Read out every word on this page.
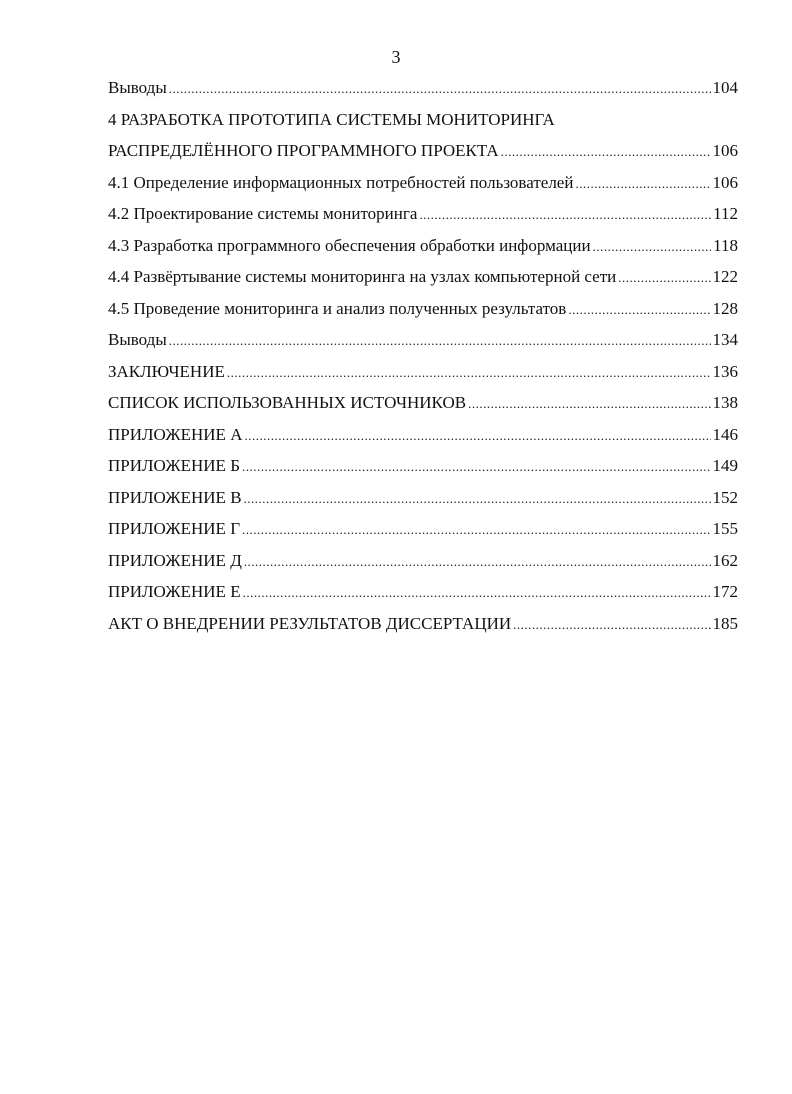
3
Выводы .....	104
4 РАЗРАБОТКА ПРОТОТИПА СИСТЕМЫ МОНИТОРИНГА
РАСПРЕДЕЛЁННОГО ПРОГРАММНОГО ПРОЕКТА .....	106
4.1 Определение информационных потребностей пользователей .....	106
4.2 Проектирование системы мониторинга .....	112
4.3 Разработка программного обеспечения обработки информации .....	118
4.4 Развёртывание системы мониторинга на узлах компьютерной сети .....	122
4.5 Проведение мониторинга и анализ полученных результатов .....	128
Выводы .....	134
ЗАКЛЮЧЕНИЕ .....	136
СПИСОК ИСПОЛЬЗОВАННЫХ ИСТОЧНИКОВ .....	138
ПРИЛОЖЕНИЕ А .....	146
ПРИЛОЖЕНИЕ Б .....	149
ПРИЛОЖЕНИЕ В .....	152
ПРИЛОЖЕНИЕ Г .....	155
ПРИЛОЖЕНИЕ Д .....	162
ПРИЛОЖЕНИЕ Е .....	172
АКТ О ВНЕДРЕНИИ РЕЗУЛЬТАТОВ ДИССЕРТАЦИИ .....	185
